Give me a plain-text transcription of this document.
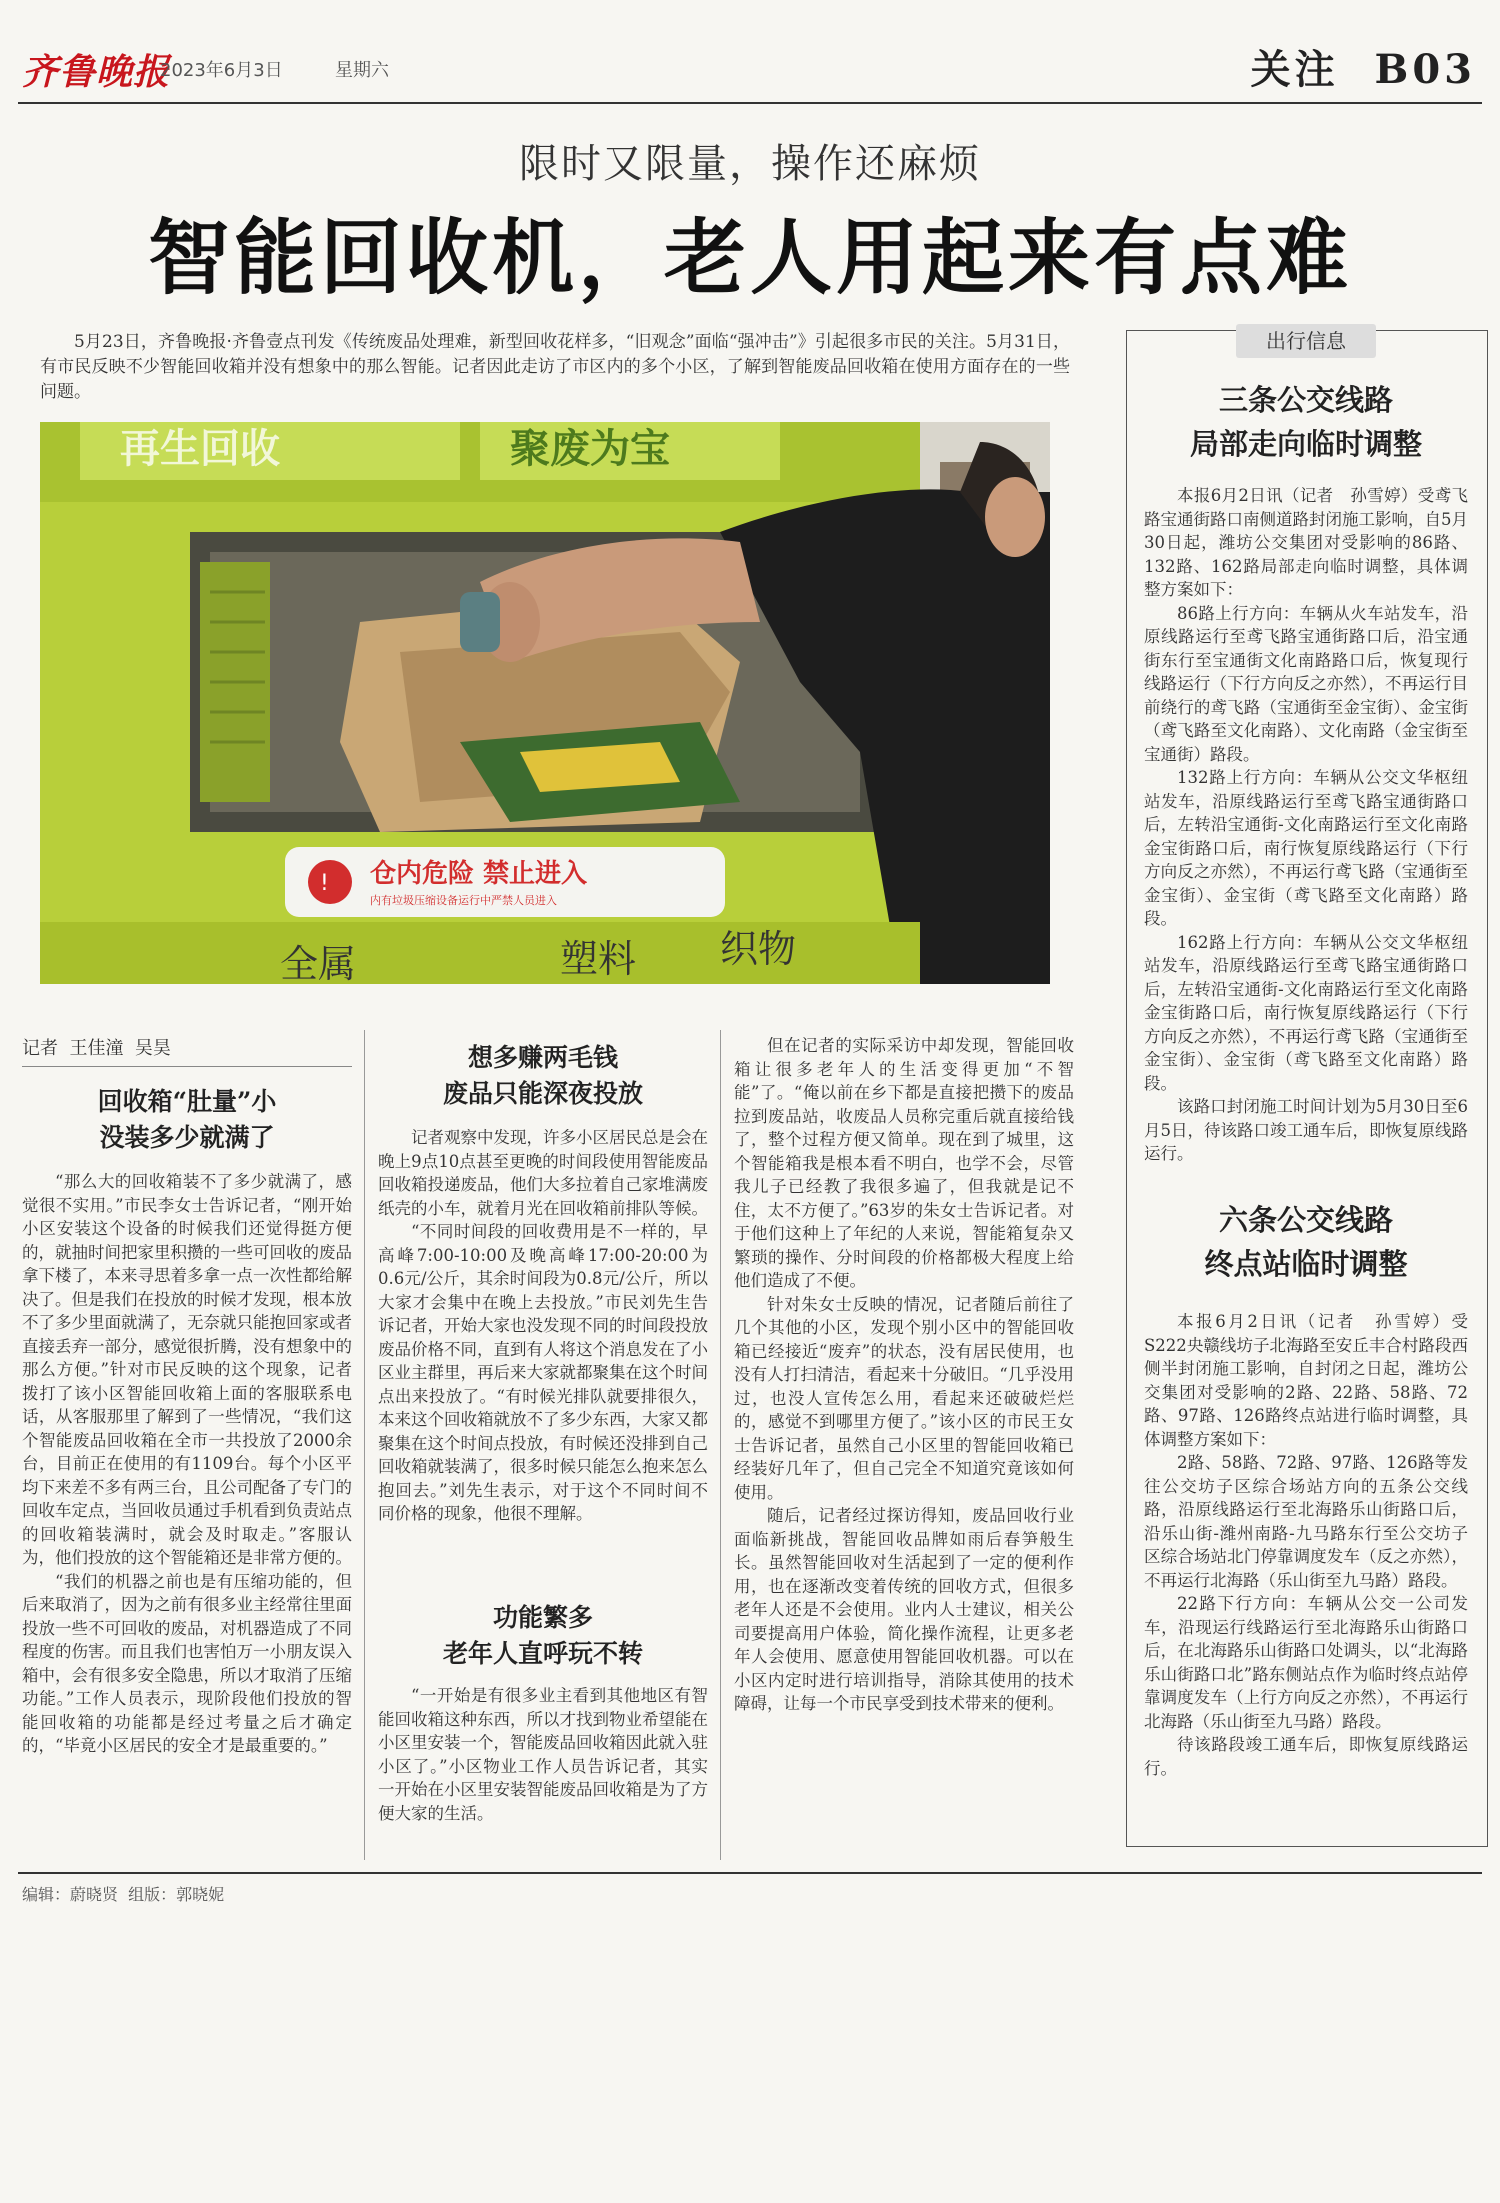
齐鲁晚报
2023年6月3日	星期六	关注  B03
限时又限量，操作还麻烦
智能回收机，老人用起来有点难
5月23日，齐鲁晚报·齐鲁壹点刊发《传统废品处理难，新型回收花样多，“旧观念”面临“强冲击”》引起很多市民的关注。5月31日，有市民反映不少智能回收箱并没有想象中的那么智能。记者因此走访了市区内的多个小区，了解到智能废品回收箱在使用方面存在的一些问题。
再生回收	聚废为宝
! 仓内危险 禁止进入
内有垃圾压缩设备运行中严禁人员进入
全属	塑料 织物
记者  王佳潼  吴昊
回收箱“肚量”小
没装多少就满了

“那么大的回收箱装不了多少就满了，感觉很不实用。”市民李女士告诉记者，“刚开始小区安装这个设备的时候我们还觉得挺方便的，就抽时间把家里积攒的一些可回收的废品拿下楼了，本来寻思着多拿一点一次性都给解决了。但是我们在投放的时候才发现，根本放不了多少里面就满了，无奈就只能抱回家或者直接丢弃一部分，感觉很折腾，没有想象中的那么方便。”针对市民反映的这个现象，记者拨打了该小区智能回收箱上面的客服联系电话，从客服那里了解到了一些情况，“我们这个智能废品回收箱在全市一共投放了2000余台，目前正在使用的有1109台。每个小区平均下来差不多有两三台，且公司配备了专门的回收车定点，当回收员通过手机看到负责站点的回收箱装满时，就会及时取走。”客服认为，他们投放的这个智能箱还是非常方便的。

“我们的机器之前也是有压缩功能的，但后来取消了，因为之前有很多业主经常往里面投放一些不可回收的废品，对机器造成了不同程度的伤害。而且我们也害怕万一小朋友误入箱中，会有很多安全隐患，所以才取消了压缩功能。”工作人员表示，现阶段他们投放的智能回收箱的功能都是经过考量之后才确定的，“毕竟小区居民的安全才是最重要的。”

想多赚两毛钱
废品只能深夜投放

记者观察中发现，许多小区居民总是会在晚上9点10点甚至更晚的时间段使用智能废品回收箱投递废品，他们大多拉着自己家堆满废纸壳的小车，就着月光在回收箱前排队等候。

“不同时间段的回收费用是不一样的，早高峰7:00-10:00及晚高峰17:00-20:00为0.6元/公斤，其余时间段为0.8元/公斤，所以大家才会集中在晚上去投放。”市民刘先生告诉记者，开始大家也没发现不同的时间段投放废品价格不同，直到有人将这个消息发在了小区业主群里，再后来大家就都聚集在这个时间点出来投放了。“有时候光排队就要排很久，本来这个回收箱就放不了多少东西，大家又都聚集在这个时间点投放，有时候还没排到自己回收箱就装满了，很多时候只能怎么抱来怎么抱回去。”刘先生表示，对于这个不同时间不同价格的现象，他很不理解。

功能繁多
老年人直呼玩不转

“一开始是有很多业主看到其他地区有智能回收箱这种东西，所以才找到物业希望能在小区里安装一个，智能废品回收箱因此就入驻小区了。”小区物业工作人员告诉记者，其实一开始在小区里安装智能废品回收箱是为了方便大家的生活。

但在记者的实际采访中却发现，智能回收箱让很多老年人的生活变得更加“不智能”了。“俺以前在乡下都是直接把攒下的废品拉到废品站，收废品人员称完重后就直接给钱了，整个过程方便又简单。现在到了城里，这个智能箱我是根本看不明白，也学不会，尽管我儿子已经教了我很多遍了，但我就是记不住，太不方便了。”63岁的朱女士告诉记者。对于他们这种上了年纪的人来说，智能箱复杂又繁琐的操作、分时间段的价格都极大程度上给他们造成了不便。

针对朱女士反映的情况，记者随后前往了几个其他的小区，发现个别小区中的智能回收箱已经接近“废弃”的状态，没有居民使用，也没有人打扫清洁，看起来十分破旧。“几乎没用过，也没人宣传怎么用，看起来还破破烂烂的，感觉不到哪里方便了。”该小区的市民王女士告诉记者，虽然自己小区里的智能回收箱已经装好几年了，但自己完全不知道究竟该如何使用。

随后，记者经过探访得知，废品回收行业面临新挑战，智能回收品牌如雨后春笋般生长。虽然智能回收对生活起到了一定的便利作用，也在逐渐改变着传统的回收方式，但很多老年人还是不会使用。业内人士建议，相关公司要提高用户体验，简化操作流程，让更多老年人会使用、愿意使用智能回收机器。可以在小区内定时进行培训指导，消除其使用的技术障碍，让每一个市民享受到技术带来的便利。

出行信息
三条公交线路
局部走向临时调整

本报6月2日讯（记者　孙雪婷）受鸢飞路宝通街路口南侧道路封闭施工影响，自5月30日起，潍坊公交集团对受影响的86路、132路、162路局部走向临时调整，具体调整方案如下：

86路上行方向：车辆从火车站发车，沿原线路运行至鸢飞路宝通街路口后，沿宝通街东行至宝通街文化南路路口后，恢复现行线路运行（下行方向反之亦然），不再运行目前绕行的鸢飞路（宝通街至金宝街）、金宝街（鸢飞路至文化南路）、文化南路（金宝街至宝通街）路段。

132路上行方向：车辆从公交文华枢纽站发车，沿原线路运行至鸢飞路宝通街路口后，左转沿宝通街-文化南路运行至文化南路金宝街路口后，南行恢复原线路运行（下行方向反之亦然），不再运行鸢飞路（宝通街至金宝街）、金宝街（鸢飞路至文化南路）路段。

162路上行方向：车辆从公交文华枢纽站发车，沿原线路运行至鸢飞路宝通街路口后，左转沿宝通街-文化南路运行至文化南路金宝街路口后，南行恢复原线路运行（下行方向反之亦然），不再运行鸢飞路（宝通街至金宝街）、金宝街（鸢飞路至文化南路）路段。

该路口封闭施工时间计划为5月30日至6月5日，待该路口竣工通车后，即恢复原线路运行。

六条公交线路
终点站临时调整

本报6月2日讯（记者　孙雪婷）受S222央赣线坊子北海路至安丘丰合村路段西侧半封闭施工影响，自封闭之日起，潍坊公交集团对受影响的2路、22路、58路、72路、97路、126路终点站进行临时调整，具体调整方案如下：

2路、58路、72路、97路、126路等发往公交坊子区综合场站方向的五条公交线路，沿原线路运行至北海路乐山街路口后，沿乐山街-潍州南路-九马路东行至公交坊子区综合场站北门停靠调度发车（反之亦然），不再运行北海路（乐山街至九马路）路段。

22路下行方向：车辆从公交一公司发车，沿现运行线路运行至北海路乐山街路口后，在北海路乐山街路口处调头，以“北海路乐山街路口北”路东侧站点作为临时终点站停靠调度发车（上行方向反之亦然），不再运行北海路（乐山街至九马路）路段。

待该路段竣工通车后，即恢复原线路运行。

编辑：蔚晓贤  组版：郭晓妮
